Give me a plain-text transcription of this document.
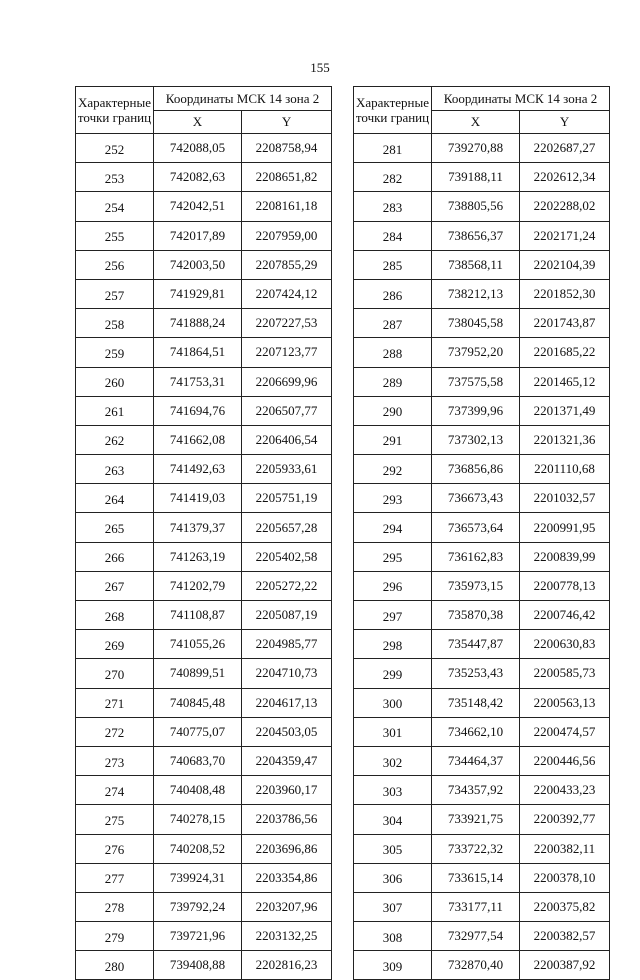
155
Характерные точки границ	Координаты МСК 14 зона 2	
	X	Y
252	742088,05	2208758,94
253	742082,63	2208651,82
254	742042,51	2208161,18
255	742017,89	2207959,00
256	742003,50	2207855,29
257	741929,81	2207424,12
258	741888,24	2207227,53
259	741864,51	2207123,77
260	741753,31	2206699,96
261	741694,76	2206507,77
262	741662,08	2206406,54
263	741492,63	2205933,61
264	741419,03	2205751,19
265	741379,37	2205657,28
266	741263,19	2205402,58
267	741202,79	2205272,22
268	741108,87	2205087,19
269	741055,26	2204985,77
270	740899,51	2204710,73
271	740845,48	2204617,13
272	740775,07	2204503,05
273	740683,70	2204359,47
274	740408,48	2203960,17
275	740278,15	2203786,56
276	740208,52	2203696,86
277	739924,31	2203354,86
278	739792,24	2203207,96
279	739721,96	2203132,25
280	739408,88	2202816,23
Характерные точки границ	Координаты МСК 14 зона 2	
	X	Y
281	739270,88	2202687,27
282	739188,11	2202612,34
283	738805,56	2202288,02
284	738656,37	2202171,24
285	738568,11	2202104,39
286	738212,13	2201852,30
287	738045,58	2201743,87
288	737952,20	2201685,22
289	737575,58	2201465,12
290	737399,96	2201371,49
291	737302,13	2201321,36
292	736856,86	2201110,68
293	736673,43	2201032,57
294	736573,64	2200991,95
295	736162,83	2200839,99
296	735973,15	2200778,13
297	735870,38	2200746,42
298	735447,87	2200630,83
299	735253,43	2200585,73
300	735148,42	2200563,13
301	734662,10	2200474,57
302	734464,37	2200446,56
303	734357,92	2200433,23
304	733921,75	2200392,77
305	733722,32	2200382,11
306	733615,14	2200378,10
307	733177,11	2200375,82
308	732977,54	2200382,57
309	732870,40	2200387,92
